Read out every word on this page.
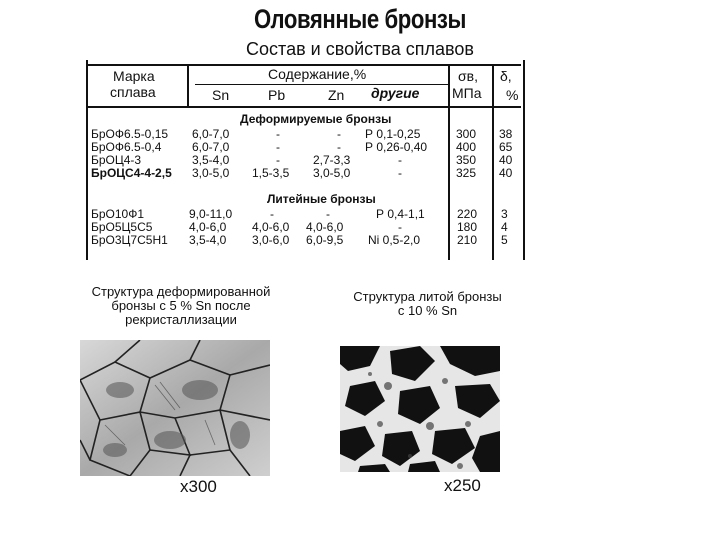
Оловянные бронзы
Состав и свойства сплавов
Марка
сплава
Содержание,%
Sn	Pb	Zn другие
σв,
МПа
δ,
%
Деформируемые бронзы
БрОФ6.5-0,15
БрОФ6.5-0,4
БрОЦ4-3
БрОЦС4-4-2,5
6,0-7,0
6,0-7,0
3,5-4,0
3,0-5,0
-
-
-
1,5-3,5
-
-
2,7-3,3
3,0-5,0
Р 0,1-0,25
Р 0,26-0,40
-
-
300
400
350
325
38
65
40
40
Литейные бронзы
БрО10Ф1
БрО5Ц5С5
БрО3Ц7С5Н1
9,0-11,0
4,0-6,0
3,5-4,0
-
4,0-6,0
3,0-6,0
-
4,0-6,0
6,0-9,5
Р 0,4-1,1
-
Ni 0,5-2,0
220
180
210
3
4
5
Структура деформированной
бронзы с 5 % Sn после
рекристаллизации
х300
Структура литой бронзы
с 10 % Sn
х250
